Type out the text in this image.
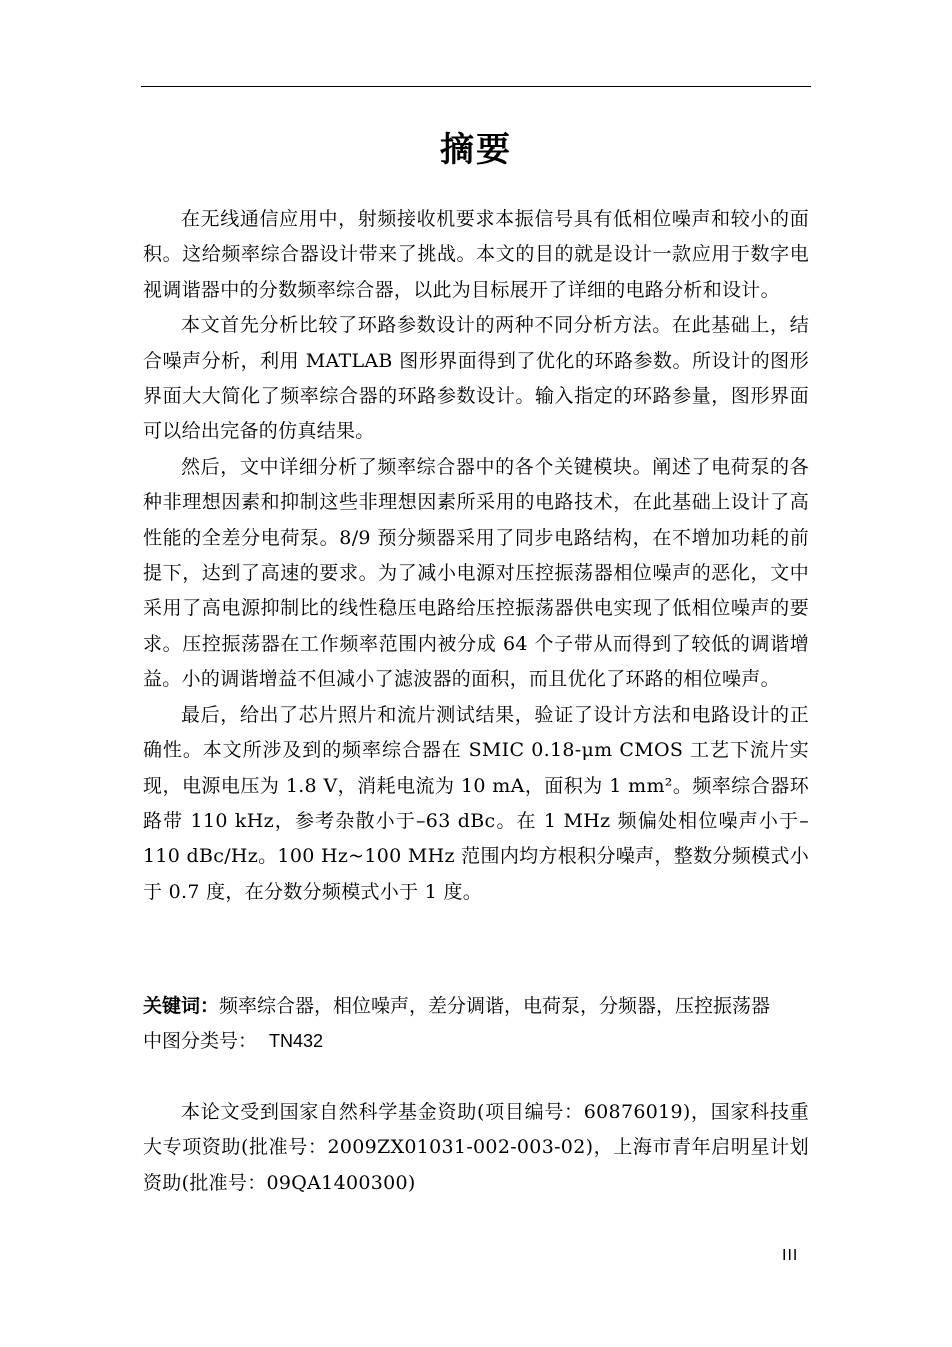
摘要

在无线通信应用中，射频接收机要求本振信号具有低相位噪声和较小的面积。这给频率综合器设计带来了挑战。本文的目的就是设计一款应用于数字电视调谐器中的分数频率综合器，以此为目标展开了详细的电路分析和设计。

本文首先分析比较了环路参数设计的两种不同分析方法。在此基础上，结合噪声分析，利用 MATLAB 图形界面得到了优化的环路参数。所设计的图形界面大大简化了频率综合器的环路参数设计。输入指定的环路参量，图形界面可以给出完备的仿真结果。

然后，文中详细分析了频率综合器中的各个关键模块。阐述了电荷泵的各种非理想因素和抑制这些非理想因素所采用的电路技术，在此基础上设计了高性能的全差分电荷泵。8/9 预分频器采用了同步电路结构，在不增加功耗的前提下，达到了高速的要求。为了减小电源对压控振荡器相位噪声的恶化，文中采用了高电源抑制比的线性稳压电路给压控振荡器供电实现了低相位噪声的要求。压控振荡器在工作频率范围内被分成 64 个子带从而得到了较低的调谐增益。小的调谐增益不但减小了滤波器的面积，而且优化了环路的相位噪声。

最后，给出了芯片照片和流片测试结果，验证了设计方法和电路设计的正确性。本文所涉及到的频率综合器在 SMIC 0.18-μm CMOS 工艺下流片实现，电源电压为 1.8 V，消耗电流为 10 mA，面积为 1 mm²。频率综合器环路带 110 kHz，参考杂散小于–63 dBc。在 1 MHz 频偏处相位噪声小于–110 dBc/Hz。100 Hz~100 MHz 范围内均方根积分噪声，整数分频模式小于 0.7 度，在分数分频模式小于 1 度。

关键词：频率综合器，相位噪声，差分调谐，电荷泵，分频器，压控振荡器
中图分类号： TN432

本论文受到国家自然科学基金资助(项目编号：60876019)，国家科技重大专项资助(批准号：2009ZX01031-002-003-02)，上海市青年启明星计划资助(批准号：09QA1400300)

III
